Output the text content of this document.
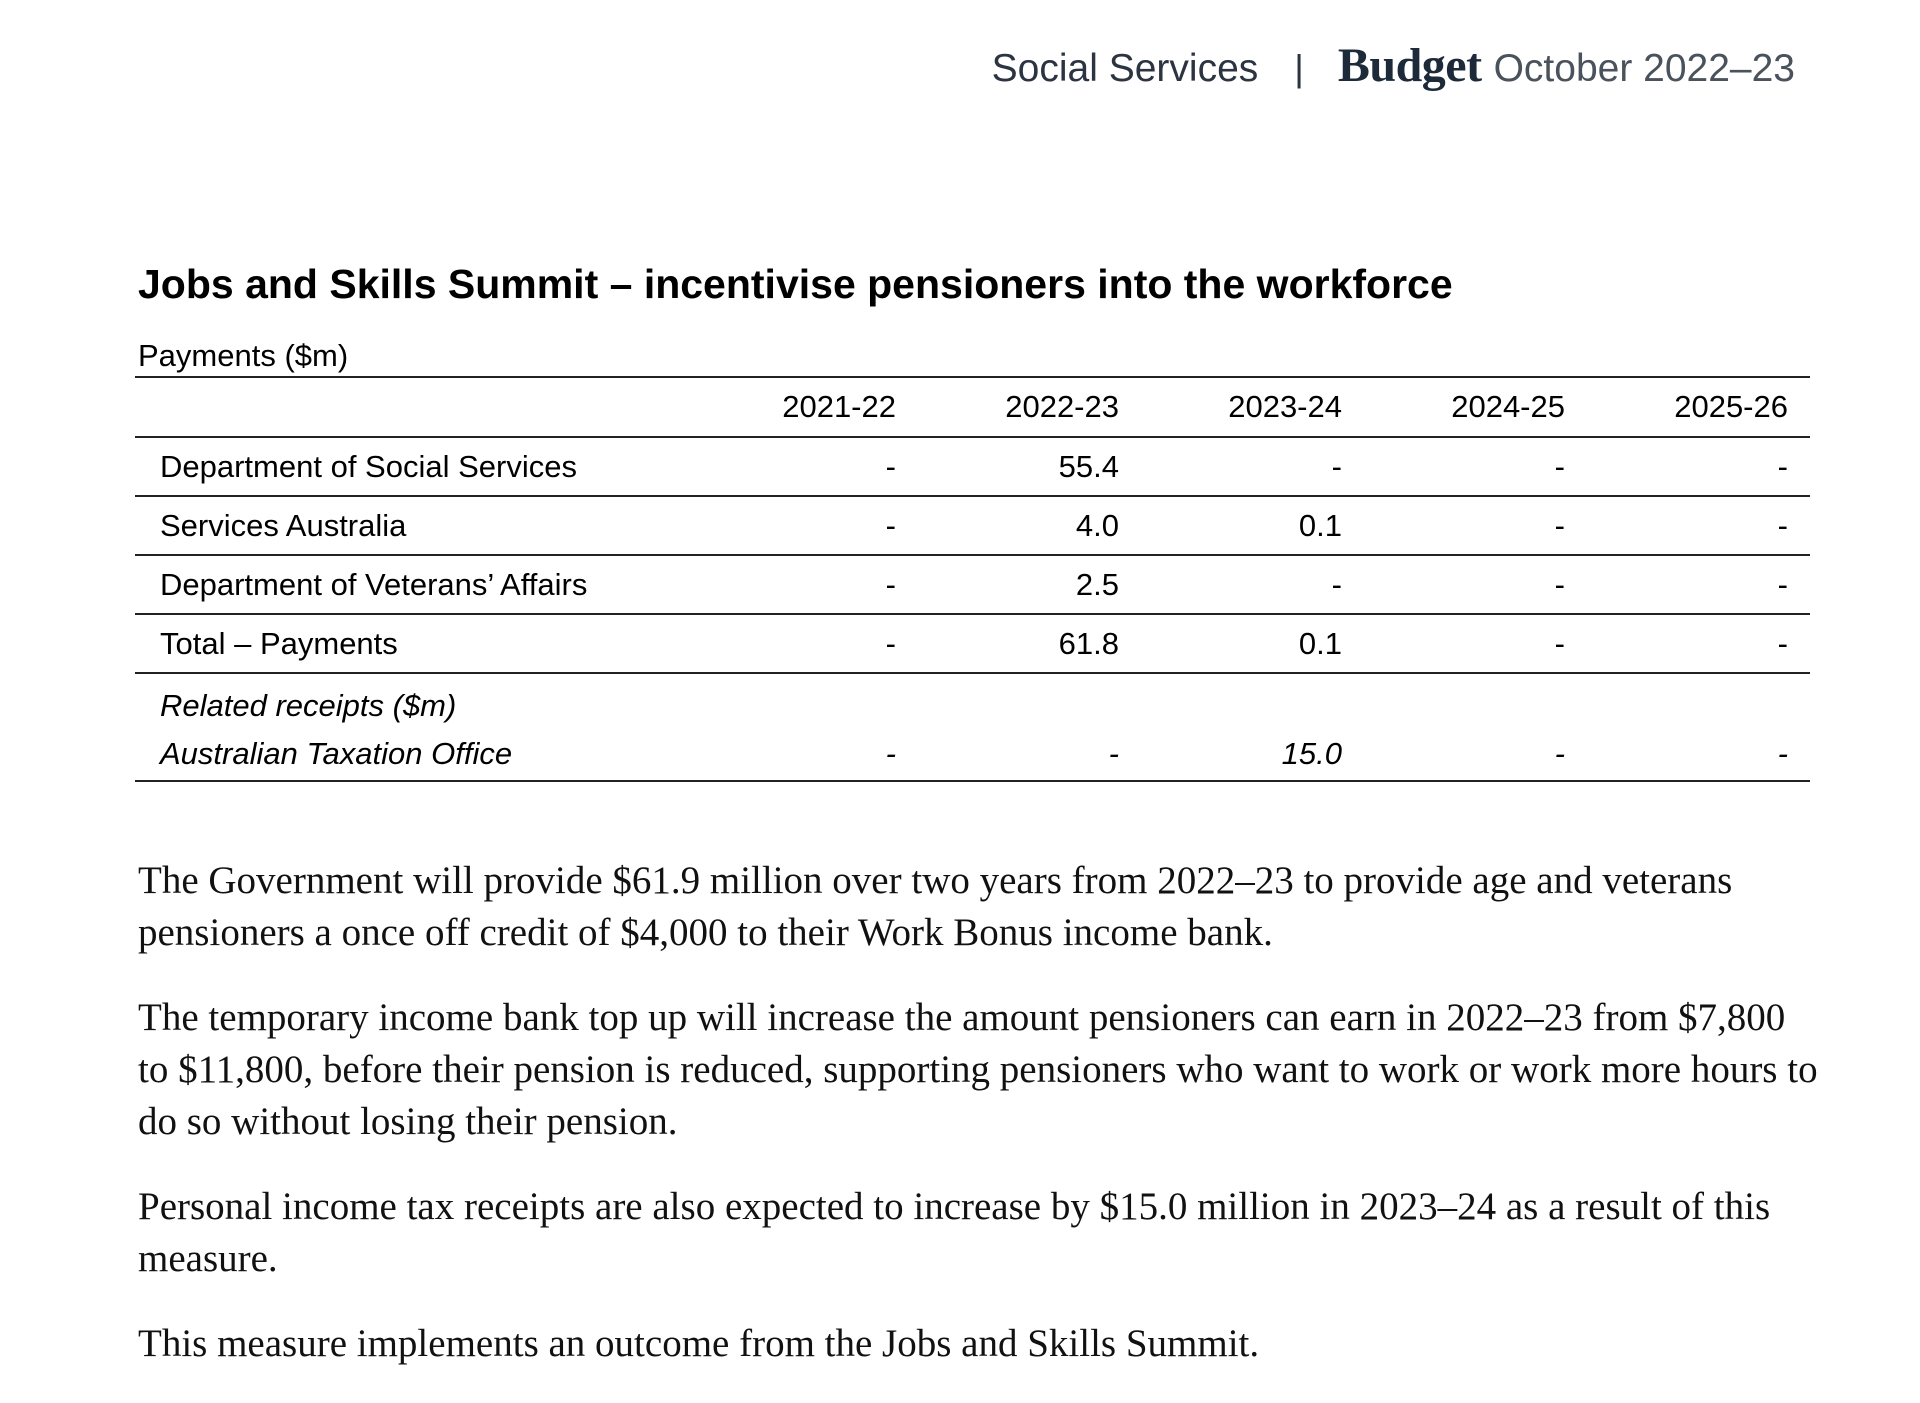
Social Services | Budget October 2022–23
Jobs and Skills Summit – incentivise pensioners into the workforce
Payments ($m)
	2021-22	2022-23	2023-24	2024-25	2025-26
Department of Social Services	-	55.4	-	-	-
Services Australia	-	4.0	0.1	-	-
Department of Veterans’ Affairs	-	2.5	-	-	-
Total – Payments	-	61.8	0.1	-	-
Related receipts ($m)					
Australian Taxation Office	-	-	15.0	-	-

The Government will provide $61.9 million over two years from 2022–23 to provide age and veterans pensioners a once off credit of $4,000 to their Work Bonus income bank.

The temporary income bank top up will increase the amount pensioners can earn in 2022–23 from $7,800 to $11,800, before their pension is reduced, supporting pensioners who want to work or work more hours to do so without losing their pension.

Personal income tax receipts are also expected to increase by $15.0 million in 2023–24 as a result of this measure.

This measure implements an outcome from the Jobs and Skills Summit.
